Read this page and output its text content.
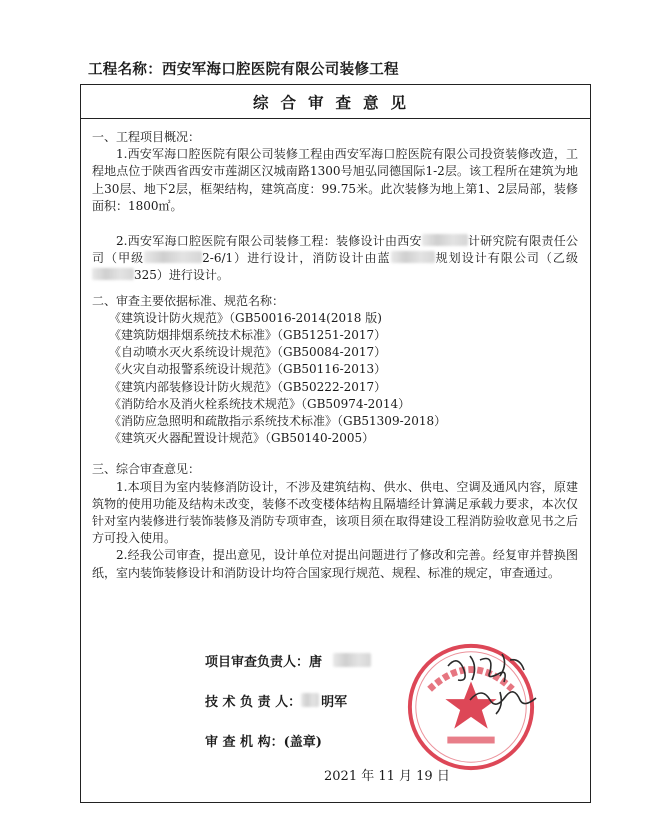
工程名称：西安军海口腔医院有限公司装修工程
综合审查意见

一、工程项目概况：

1.西安军海口腔医院有限公司装修工程由西安军海口腔医院有限公司投资装修改造，工程地点位于陕西省西安市莲湖区汉城南路1300号旭弘同德国际1-2层。该工程所在建筑为地上30层、地下2层，框架结构，建筑高度：99.75米。此次装修为地上第1、2层局部，装修面积：1800㎡。

2.西安军海口腔医院有限公司装修工程：装修设计由西安	计研究院有限责任公司（甲级	2-6/1）进行设计，消防设计由蓝	规划设计有限公司（乙级325）进行设计。

二、审查主要依据标准、规范名称：

《建筑设计防火规范》（GB50016-2014(2018 版)

《建筑防烟排烟系统技术标准》（GB51251-2017）

《自动喷水灭火系统设计规范》（GB50084-2017）

《火灾自动报警系统设计规范》（GB50116-2013）

《建筑内部装修设计防火规范》（GB50222-2017）

《消防给水及消火栓系统技术规范》（GB50974-2014）

《消防应急照明和疏散指示系统技术标准》（GB51309-2018）

《建筑灭火器配置设计规范》（GB50140-2005）

三、综合审查意见：

1.本项目为室内装修消防设计，不涉及建筑结构、供水、供电、空调及通风内容，原建筑物的使用功能及结构未改变，装修不改变楼体结构且隔墙经计算满足承载力要求，本次仅针对室内装修进行装饰装修及消防专项审查，该项目须在取得建设工程消防验收意见书之后方可投入使用。

2.经我公司审查，提出意见，设计单位对提出问题进行了修改和完善。经复审并替换图纸，室内装饰装修设计和消防设计均符合国家现行规范、规程、标准的规定，审查通过。

项目审查负责人：唐
技 术 负 责 人： 明军
审 查 机 构：(盖章)
2021 年 11 月 19 日
